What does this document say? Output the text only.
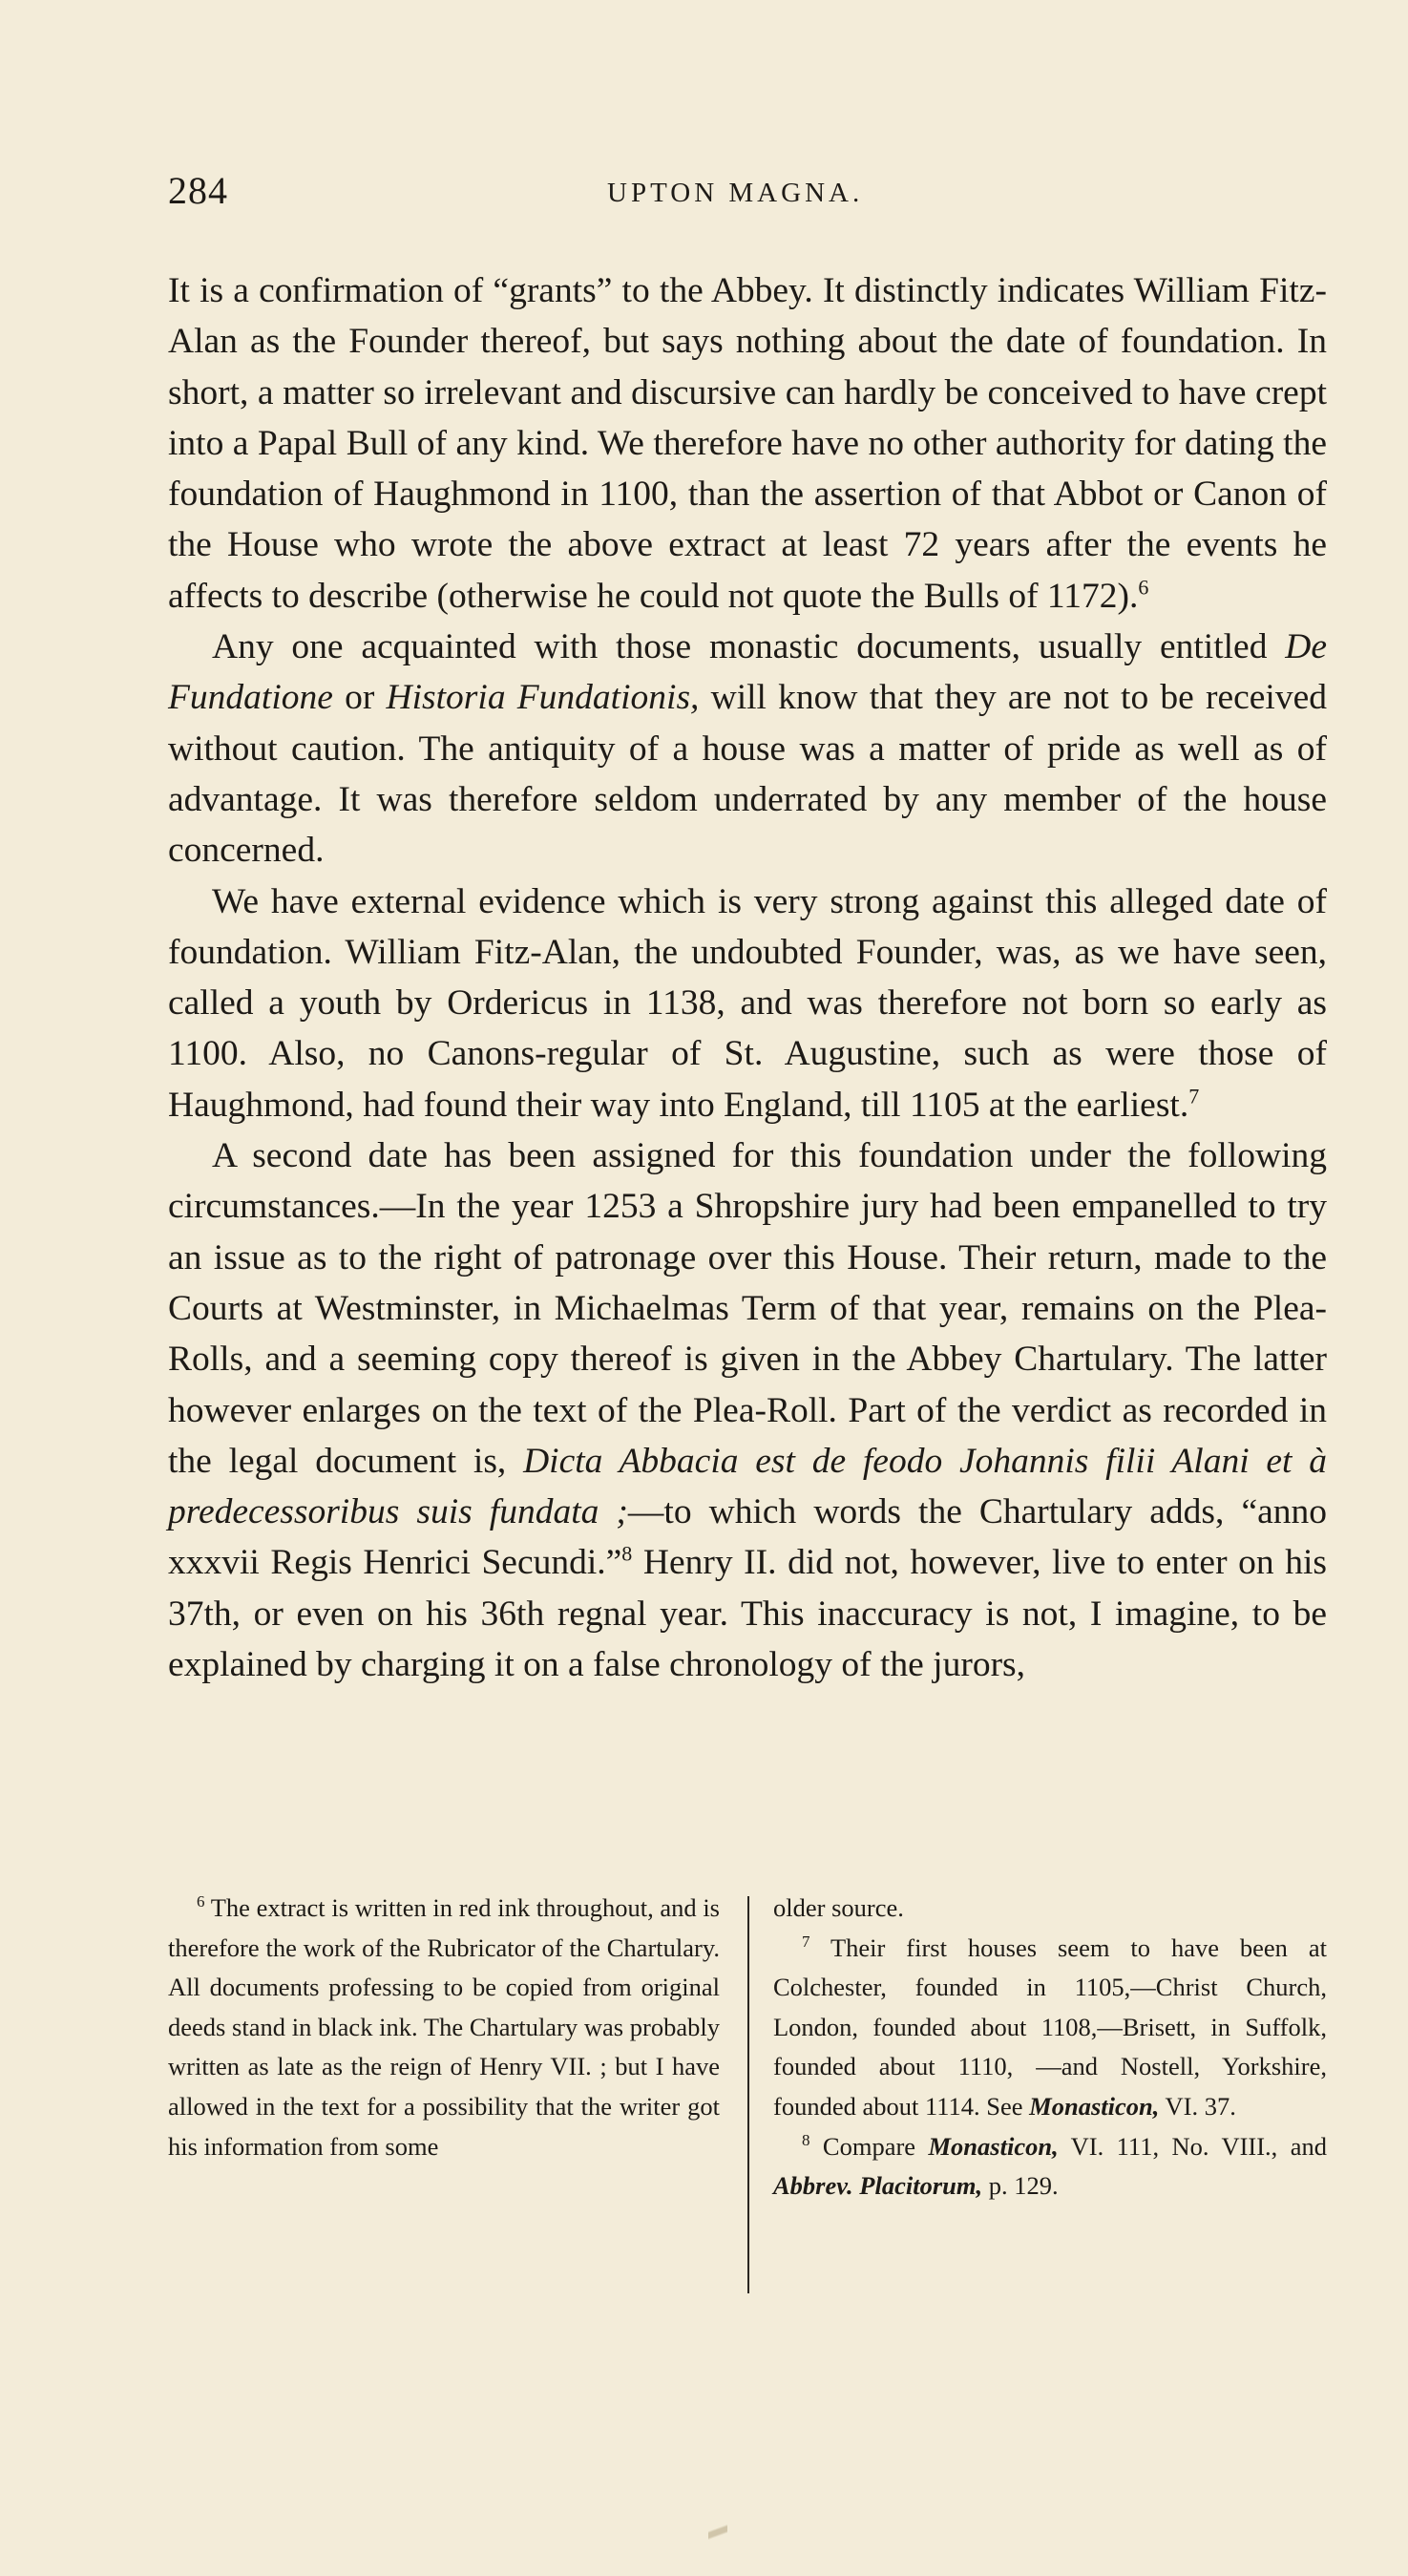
284	UPTON MAGNA.

It is a confirmation of “grants” to the Abbey. It distinctly indicates William Fitz-Alan as the Founder thereof, but says nothing about the date of foundation. In short, a matter so irrelevant and discursive can hardly be conceived to have crept into a Papal Bull of any kind. We therefore have no other authority for dating the foundation of Haughmond in 1100, than the assertion of that Abbot or Canon of the House who wrote the above extract at least 72 years after the events he affects to describe (otherwise he could not quote the Bulls of 1172).$^6$

Any one acquainted with those monastic documents, usually entitled De Fundatione or Historia Fundationis, will know that they are not to be received without caution. The antiquity of a house was a matter of pride as well as of advantage. It was therefore seldom underrated by any member of the house concerned.

We have external evidence which is very strong against this alleged date of foundation. William Fitz-Alan, the undoubted Founder, was, as we have seen, called a youth by Ordericus in 1138, and was therefore not born so early as 1100. Also, no Canons-regular of St. Augustine, such as were those of Haughmond, had found their way into England, till 1105 at the earliest.$^7$

A second date has been assigned for this foundation under the following circumstances.—In the year 1253 a Shropshire jury had been empanelled to try an issue as to the right of patronage over this House. Their return, made to the Courts at Westminster, in Michaelmas Term of that year, remains on the Plea-Rolls, and a seeming copy thereof is given in the Abbey Chartulary. The latter however enlarges on the text of the Plea-Roll. Part of the verdict as recorded in the legal document is, Dicta Abbacia est de feodo Johannis filii Alani et à predecessoribus suis fundata ;—to which words the Chartulary adds, “anno xxxvii Regis Henrici Secundi.”$^8$ Henry II. did not, however, live to enter on his 37th, or even on his 36th regnal year. This inaccuracy is not, I imagine, to be explained by charging it on a false chronology of the jurors,

$^6$ The extract is written in red ink throughout, and is therefore the work of the Rubricator of the Chartulary. All documents professing to be copied from original deeds stand in black ink. The Chartulary was probably written as late as the reign of Henry VII. ; but I have allowed in the text for a possibility that the writer got his information from some

older source.

$^7$ Their first houses seem to have been at Colchester, founded in 1105,—Christ Church, London, founded about 1108,—Brisett, in Suffolk, founded about 1110, —and Nostell, Yorkshire, founded about 1114. See Monasticon, VI. 37.

$^8$ Compare Monasticon, VI. 111, No. VIII., and Abbrev. Placitorum, p. 129.
